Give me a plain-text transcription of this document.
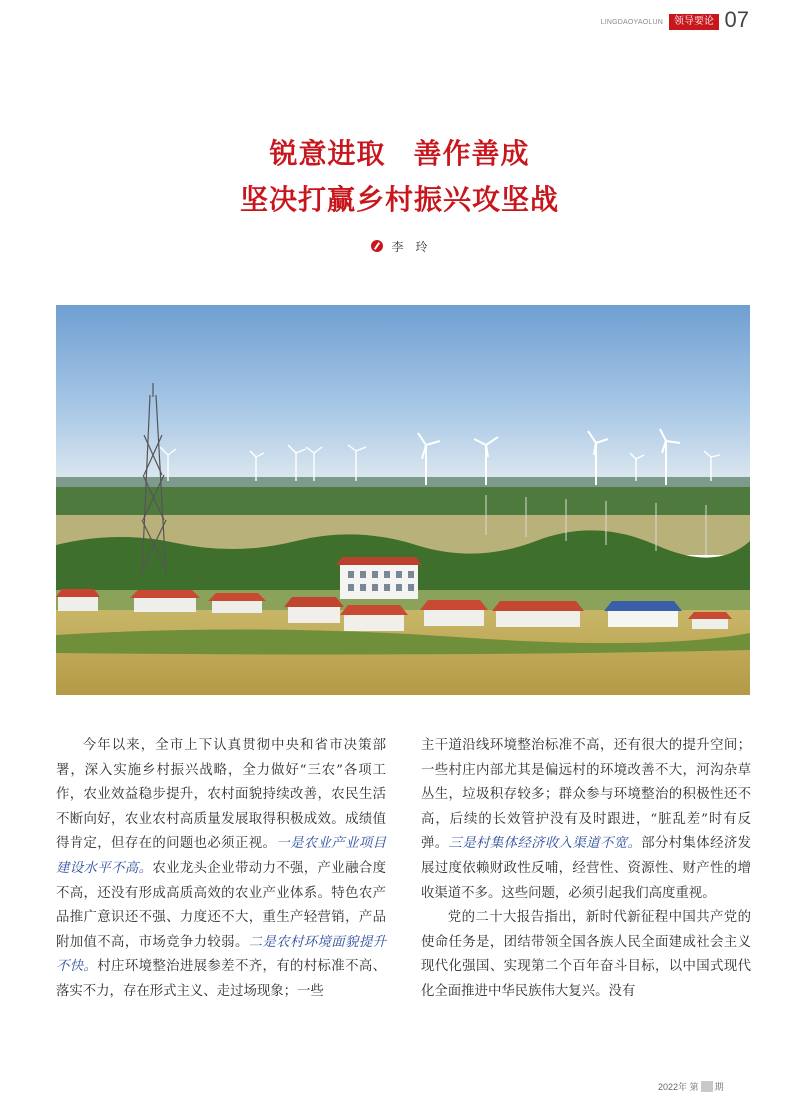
LINGDAOYAOLUN	领导要论 07
锐意进取 善作善成
坚决打赢乡村振兴攻坚战
李　玲

今年以来，全市上下认真贯彻中央和省市决策部署，深入实施乡村振兴战略，全力做好“三农”各项工作，农业效益稳步提升，农村面貌持续改善，农民生活不断向好，农业农村高质量发展取得积极成效。成绩值得肯定，但存在的问题也必须正视。一是农业产业项目建设水平不高。农业龙头企业带动力不强，产业融合度不高，还没有形成高质高效的农业产业体系。特色农产品推广意识还不强、力度还不大，重生产轻营销，产品附加值不高，市场竞争力较弱。二是农村环境面貌提升不快。村庄环境整治进展参差不齐，有的村标准不高、落实不力，存在形式主义、走过场现象；一些

主干道沿线环境整治标准不高，还有很大的提升空间；一些村庄内部尤其是偏远村的环境改善不大，河沟杂草丛生，垃圾积存较多；群众参与环境整治的积极性还不高，后续的长效管护没有及时跟进，“脏乱差”时有反弹。三是村集体经济收入渠道不宽。部分村集体经济发展过度依赖财政性反哺，经营性、资源性、财产性的增收渠道不多。这些问题，必须引起我们高度重视。

党的二十大报告指出，新时代新征程中国共产党的使命任务是，团结带领全国各族人民全面建成社会主义现代化强国、实现第二个百年奋斗目标，以中国式现代化全面推进中华民族伟大复兴。没有

2022年 第 期
